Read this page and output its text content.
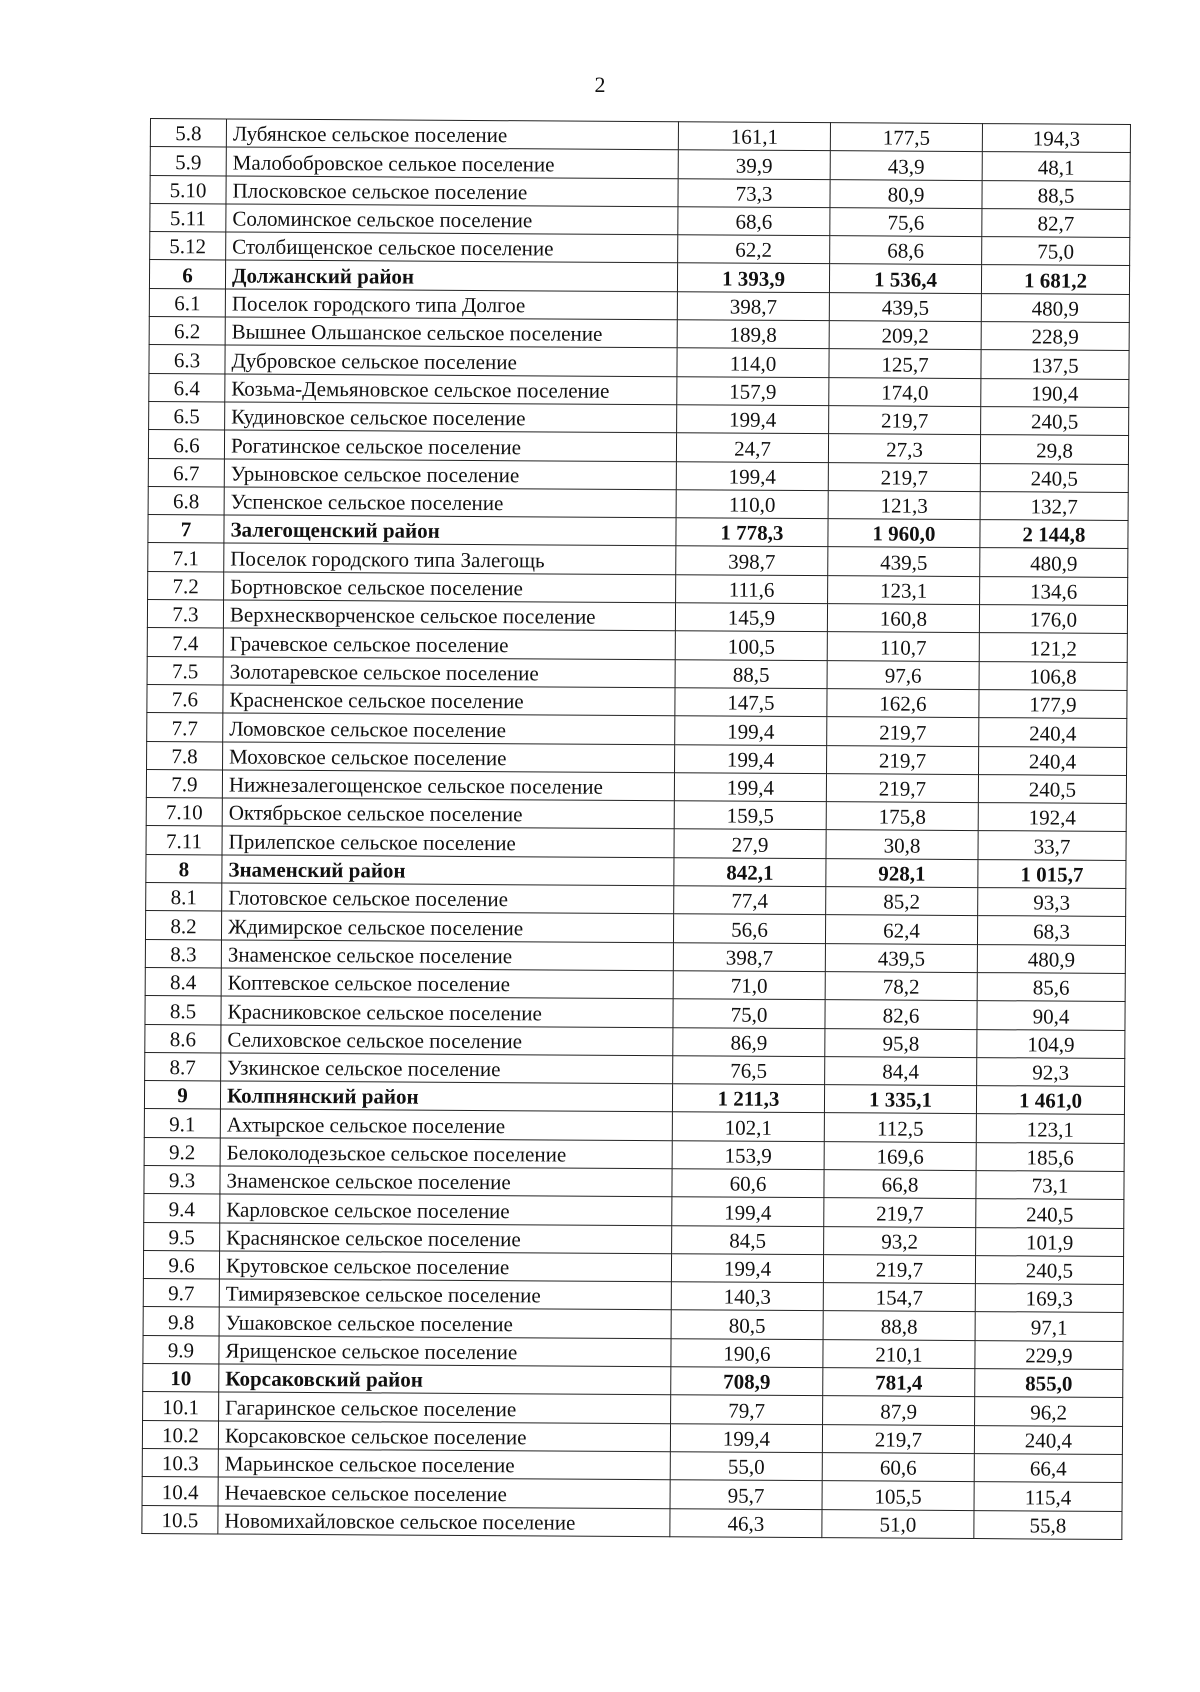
2
5.8	Лубянское сельское поселение	161,1	177,5	194,3
5.9	Малобобровское селькое поселение	39,9	43,9	48,1
5.10	Плосковское сельское поселение	73,3	80,9	88,5
5.11	Соломинское сельское поселение	68,6	75,6	82,7
5.12	Столбищенское сельское поселение	62,2	68,6	75,0
6	Должанский район	1 393,9	1 536,4	1 681,2
6.1	Поселок городского типа Долгое	398,7	439,5	480,9
6.2	Вышнее Ольшанское сельское поселение	189,8	209,2	228,9
6.3	Дубровское сельское поселение	114,0	125,7	137,5
6.4	Козьма-Демьяновское сельское поселение	157,9	174,0	190,4
6.5	Кудиновское сельское поселение	199,4	219,7	240,5
6.6	Рогатинское сельское поселение	24,7	27,3	29,8
6.7	Урыновское сельское поселение	199,4	219,7	240,5
6.8	Успенское сельское поселение	110,0	121,3	132,7
7	Залегощенский район	1 778,3	1 960,0	2 144,8
7.1	Поселок городского типа Залегощь	398,7	439,5	480,9
7.2	Бортновское сельское поселение	111,6	123,1	134,6
7.3	Верхнескворченское сельское поселение	145,9	160,8	176,0
7.4	Грачевское сельское поселение	100,5	110,7	121,2
7.5	Золотаревское сельское поселение	88,5	97,6	106,8
7.6	Красненское сельское поселение	147,5	162,6	177,9
7.7	Ломовское сельское поселение	199,4	219,7	240,4
7.8	Моховское сельское поселение	199,4	219,7	240,4
7.9	Нижнезалегощенское сельское поселение	199,4	219,7	240,5
7.10	Октябрьское сельское поселение	159,5	175,8	192,4
7.11	Прилепское сельское поселение	27,9	30,8	33,7
8	Знаменский район	842,1	928,1	1 015,7
8.1	Глотовское сельское поселение	77,4	85,2	93,3
8.2	Ждимирское сельское поселение	56,6	62,4	68,3
8.3	Знаменское сельское поселение	398,7	439,5	480,9
8.4	Коптевское сельское поселение	71,0	78,2	85,6
8.5	Красниковское сельское поселение	75,0	82,6	90,4
8.6	Селиховское сельское поселение	86,9	95,8	104,9
8.7	Узкинское сельское поселение	76,5	84,4	92,3
9	Колпнянский район	1 211,3	1 335,1	1 461,0
9.1	Ахтырское сельское поселение	102,1	112,5	123,1
9.2	Белоколодезьское сельское поселение	153,9	169,6	185,6
9.3	Знаменское сельское поселение	60,6	66,8	73,1
9.4	Карловское сельское поселение	199,4	219,7	240,5
9.5	Краснянское сельское поселение	84,5	93,2	101,9
9.6	Крутовское сельское поселение	199,4	219,7	240,5
9.7	Тимирязевское сельское поселение	140,3	154,7	169,3
9.8	Ушаковское сельское поселение	80,5	88,8	97,1
9.9	Ярищенское сельское поселение	190,6	210,1	229,9
10	Корсаковский район	708,9	781,4	855,0
10.1	Гагаринское сельское поселение	79,7	87,9	96,2
10.2	Корсаковское сельское поселение	199,4	219,7	240,4
10.3	Марьинское сельское поселение	55,0	60,6	66,4
10.4	Нечаевское сельское поселение	95,7	105,5	115,4
10.5	Новомихайловское сельское поселение	46,3	51,0	55,8
